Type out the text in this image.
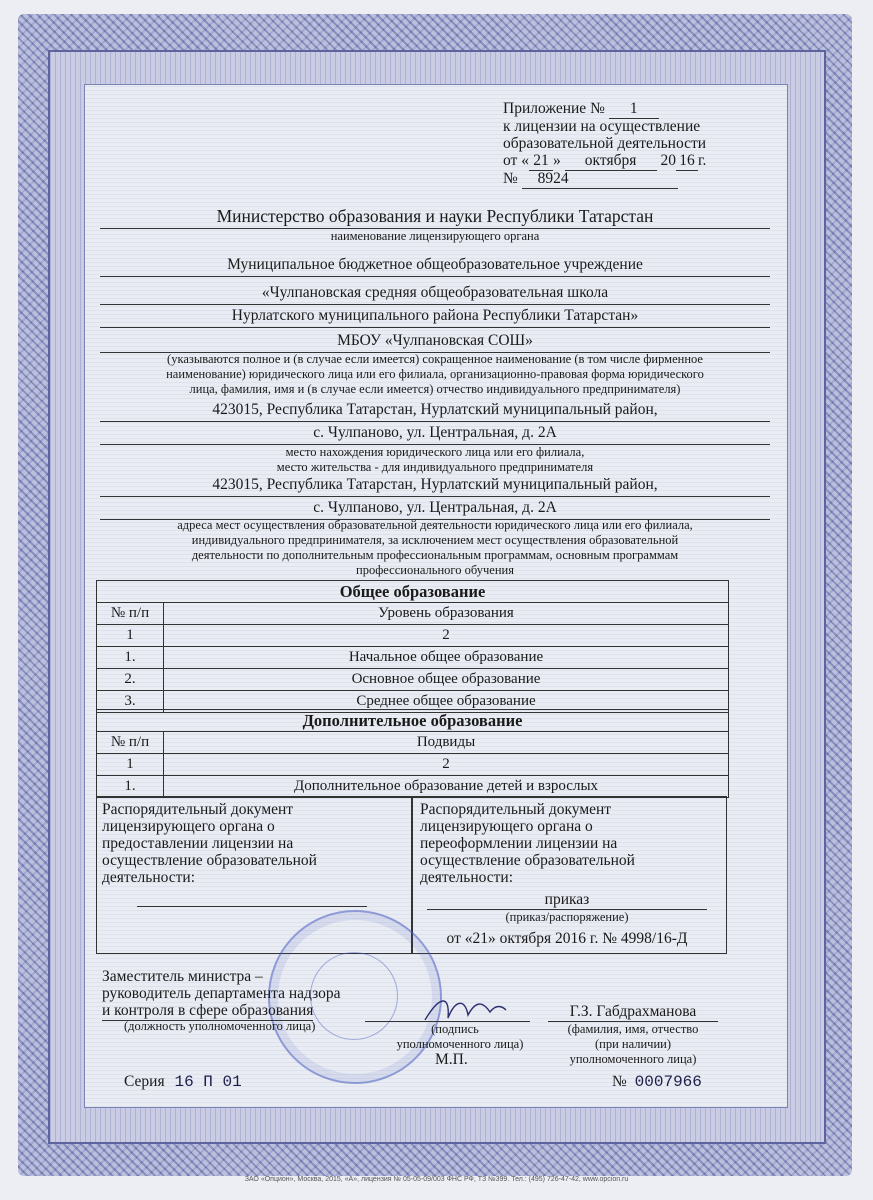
Приложение № 1
к лицензии на осуществление
образовательной деятельности
от « 21 » октября 20 16 г.
№ 8924
Министерство образования и науки Республики Татарстан
наименование лицензирующего органа
Муниципальное бюджетное общеобразовательное учреждение
«Чулпановская средняя общеобразовательная школа
Нурлатского муниципального района Республики Татарстан»
МБОУ «Чулпановская СОШ»
(указываются полное и (в случае если имеется) сокращенное наименование (в том числе фирменное
наименование) юридического лица или его филиала, организационно-правовая форма юридического
лица, фамилия, имя и (в случае если имеется) отчество индивидуального предпринимателя)
423015, Республика Татарстан, Нурлатский муниципальный район,
с. Чулпаново, ул. Центральная, д. 2А
место нахождения юридического лица или его филиала,
место жительства - для индивидуального предпринимателя
423015, Республика Татарстан, Нурлатский муниципальный район,
с. Чулпаново, ул. Центральная, д. 2А
адреса мест осуществления образовательной деятельности юридического лица или его филиала,
индивидуального предпринимателя, за исключением мест осуществления образовательной
деятельности по дополнительным профессиональным программам, основным программам
профессионального обучения
Общее образование	
№ п/п	Уровень образования
1	2
1.	Начальное общее образование
2.	Основное общее образование
3.	Среднее общее образование
Дополнительное образование	
№ п/п	Подвиды
1	2
1.	Дополнительное образование детей и взрослых
Распорядительный документ
лицензирующего органа о
предоставлении лицензии на
осуществление образовательной
деятельности:
Распорядительный документ
лицензирующего органа о
переоформлении лицензии на
осуществление образовательной
деятельности:
приказ
(приказ/распоряжение)
от «21» октября 2016 г. № 4998/16-Д
Заместитель министра –
руководитель департамента надзора
и контроля в сфере образования
(должность уполномоченного лица)	(подпись
уполномоченного лица)
М.П.
Г.З. Габдрахманова
(фамилия, имя, отчество
(при наличии)
уполномоченного лица)
Серия 16 П 01	№ 0007966
ЗАО «Опцион», Москва, 2015, «А», лицензия № 05-05-09/003 ФНС РФ, ТЗ №399. Тел.: (495) 726-47-42, www.opcion.ru
